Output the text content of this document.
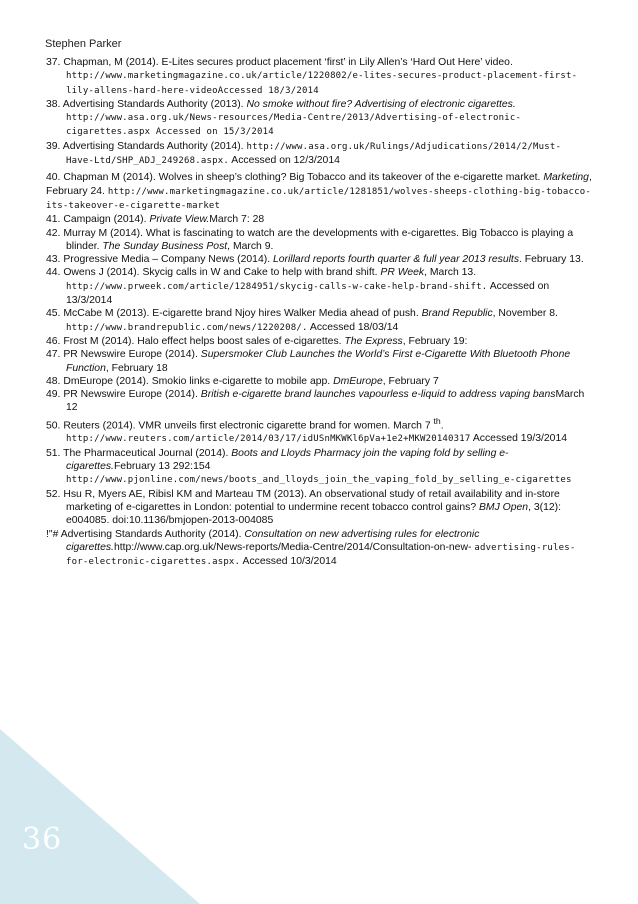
36
Stephen Parker

37. Chapman, M (2014). E-Lites secures product placement ‘first’ in Lily Allen’s ‘Hard Out Here’ video. http://www.marketingmagazine.co.uk/article/1220802/e-lites-secures-product-placement-first-lily-allens-hard-here-videoAccessed 18/3/2014

38. Advertising Standards Authority (2013). No smoke without fire? Advertising of electronic cigarettes. http://www.asa.org.uk/News-resources/Media-Centre/2013/Advertising-of-electronic-cigarettes.aspx Accessed on 15/3/2014

39. Advertising Standards Authority (2014). http://www.asa.org.uk/Rulings/Adjudications/2014/2/Must- Have-Ltd/SHP_ADJ_249268.aspx. Accessed on 12/3/2014

40. Chapman M (2014). Wolves in sheep’s clothing? Big Tobacco and its takeover of the e-cigarette market. Marketing, February 24. http://www.marketingmagazine.co.uk/article/1281851/wolves-sheeps-clothing-big-tobacco-its-takeover-e-cigarette-market

41. Campaign (2014). Private View.March 7: 28

42. Murray M (2014). What is fascinating to watch are the developments with e-cigarettes. Big Tobacco is playing a blinder. The Sunday Business Post, March 9.

43. Progressive Media – Company News (2014). Lorillard reports fourth quarter & full year 2013 results. February 13.

44. Owens J (2014). Skycig calls in W and Cake to help with brand shift. PR Week, March 13. http://www.prweek.com/article/1284951/skycig-calls-w-cake-help-brand-shift. Accessed on 13/3/2014

45. McCabe M (2013). E-cigarette brand Njoy hires Walker Media ahead of push. Brand Republic, November 8. http://www.brandrepublic.com/news/1220208/. Accessed 18/03/14

46. Frost M (2014). Halo effect helps boost sales of e-cigarettes. The Express, February 19:

47. PR Newswire Europe (2014). Supersmoker Club Launches the World’s First e-Cigarette With Bluetooth Phone Function, February 18

48. DmEurope (2014). Smokio links e-cigarette to mobile app. DmEurope, February 7

49. PR Newswire Europe (2014). British e-cigarette brand launches vapourless e-liquid to address vaping bansMarch 12

50. Reuters (2014). VMR unveils first electronic cigarette brand for women. March 7 $^{th}$. http://www.reuters.com/article/2014/03/17/idUSnMKWKl6pVa+1e2+MKW20140317 Accessed 19/3/2014

51. The Pharmaceutical Journal (2014). Boots and Lloyds Pharmacy join the vaping fold by selling e-cigarettes.February 13 292:154 http://www.pjonline.com/news/boots_and_lloyds_join_the_vaping_fold_by_selling_e-cigarettes

52. Hsu R, Myers AE, Ribisl KM and Marteau TM (2013). An observational study of retail availability and in-store marketing of e-cigarettes in London: potential to undermine recent tobacco control gains? BMJ Open, 3(12): e004085. doi:10.1136/bmjopen-2013-004085

!"# Advertising Standards Authority (2014). Consultation on new advertising rules for electronic cigarettes.http://www.cap.org.uk/News-reports/Media-Centre/2014/Consultation-on-new- advertising-rules-for-electronic-cigarettes.aspx. Accessed 10/3/2014
